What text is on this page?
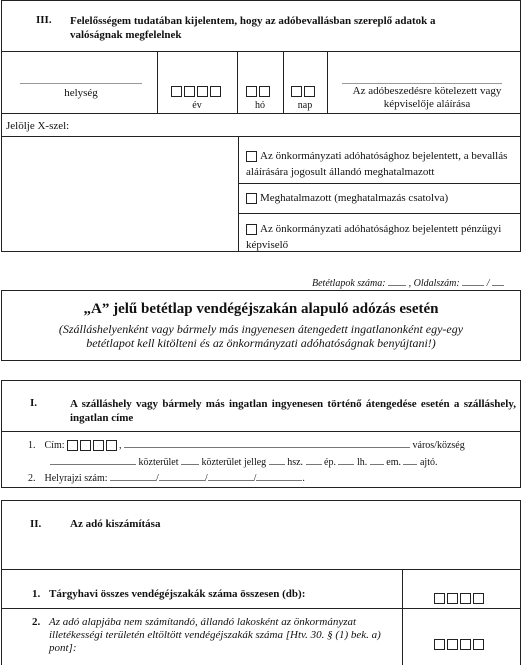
III. Felelősségem tudatában kijelentem, hogy az adóbevallásban szereplő adatok a valóságnak megfelelnek
helység
év	hó	nap
Az adóbeszedésre kötelezett vagy képviselője aláírása
Jelölje X-szel:
Az önkormányzati adóhatósághoz bejelentett, a bevallás aláírására jogosult állandó meghatalmazott
Meghatalmazott (meghatalmazás csatolva)
Az önkormányzati adóhatósághoz bejelentett pénzügyi képviselő
Betétlapok száma: , Oldalszám:	/
„A” jelű betétlap vendégéjszakán alapuló adózás esetén
(Szálláshelyenként vagy bármely más ingyenesen átengedett ingatlanonként egy-egy betétlapot kell kitölteni és az önkormányzati adóhatóságnak benyújtani!)
I.	A szálláshely vagy bármely más ingatlan ingyenesen történő átengedése esetén a szálláshely, ingatlan címe
1. Cím:	,	város/község
közterület közterület jelleg hsz. ép. lh. em. ajtó.
2. Helyrajzi szám:	/	/	/	.
II.	Az adó kiszámítása
1. Tárgyhavi összes vendégéjszakák száma összesen (db):
2. Az adó alapjába nem számítandó, állandó lakosként az önkormányzat illetékességi területén eltöltött vendégéjszakák száma [Htv. 30. § (1) bek. a) pont]:
